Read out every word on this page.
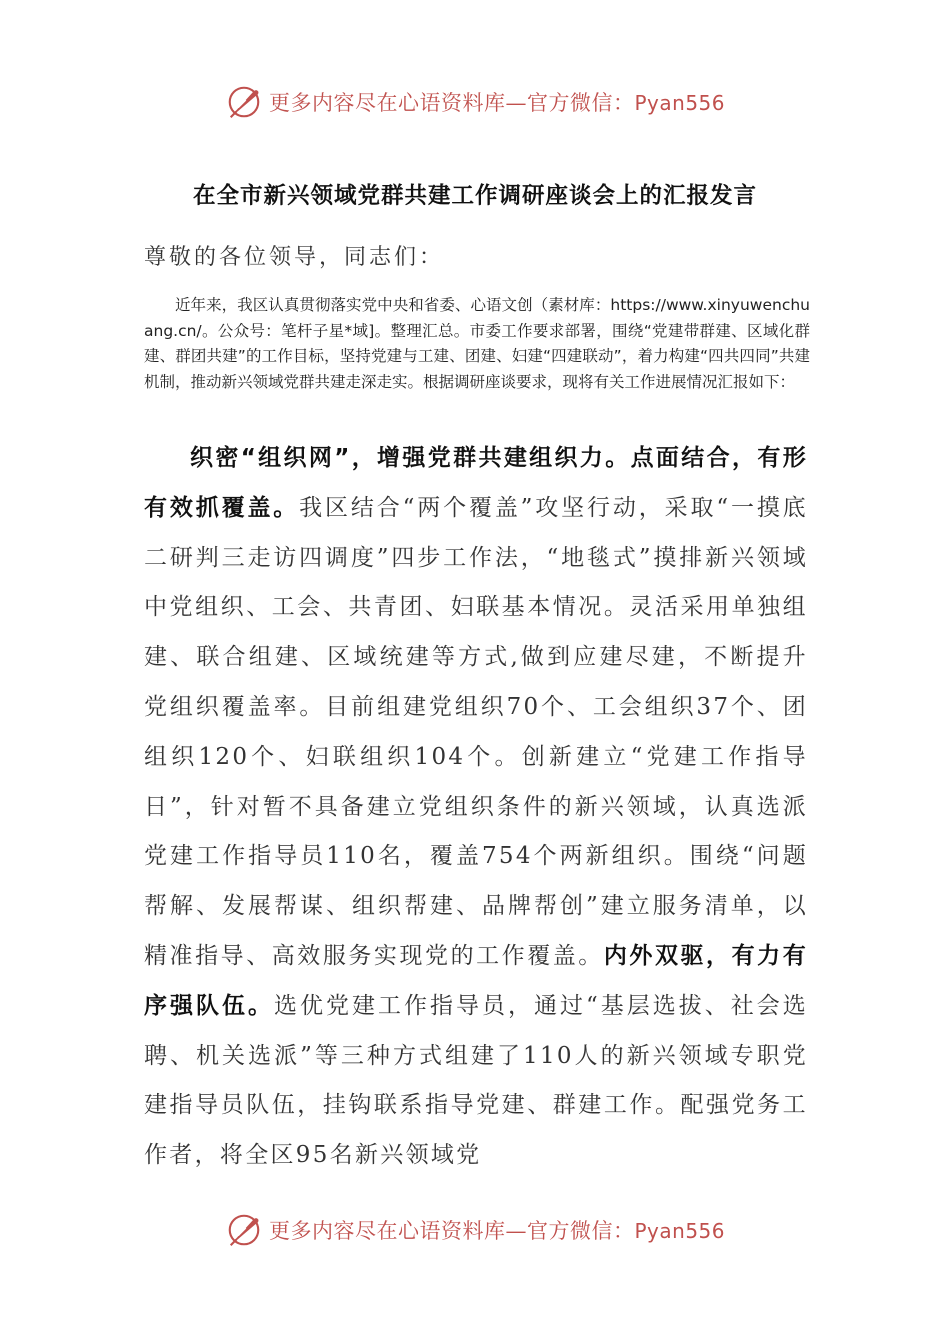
更多内容尽在心语资料库—官方微信：Pyan556
在全市新兴领域党群共建工作调研座谈会上的汇报发言
尊敬的各位领导，同志们：
近年来，我区认真贯彻落实党中央和省委、心语文创（素材库：https://www.xinyuwenchuang.cn/。公众号：笔杆子星*域]。整理汇总。市委工作要求部署，围绕“党建带群建、区域化群建、群团共建”的工作目标，坚持党建与工建、团建、妇建“四建联动”，着力构建“四共四同”共建机制，推动新兴领域党群共建走深走实。根据调研座谈要求，现将有关工作进展情况汇报如下：
织密“组织网”，增强党群共建组织力。点面结合，有形有效抓覆盖。我区结合“两个覆盖”攻坚行动，采取“一摸底二研判三走访四调度”四步工作法，“地毯式”摸排新兴领域中党组织、工会、共青团、妇联基本情况。灵活采用单独组建、联合组建、区域统建等方式,做到应建尽建，不断提升党组织覆盖率。目前组建党组织70个、工会组织37个、团组织120个、妇联组织104个。创新建立“党建工作指导日”，针对暂不具备建立党组织条件的新兴领域，认真选派党建工作指导员110名，覆盖754个两新组织。围绕“问题帮解、发展帮谋、组织帮建、品牌帮创”建立服务清单，以精准指导、高效服务实现党的工作覆盖。内外双驱，有力有序强队伍。选优党建工作指导员，通过“基层选拔、社会选聘、机关选派”等三种方式组建了110人的新兴领域专职党建指导员队伍，挂钩联系指导党建、群建工作。配强党务工作者，将全区95名新兴领域党
更多内容尽在心语资料库—官方微信：Pyan556
